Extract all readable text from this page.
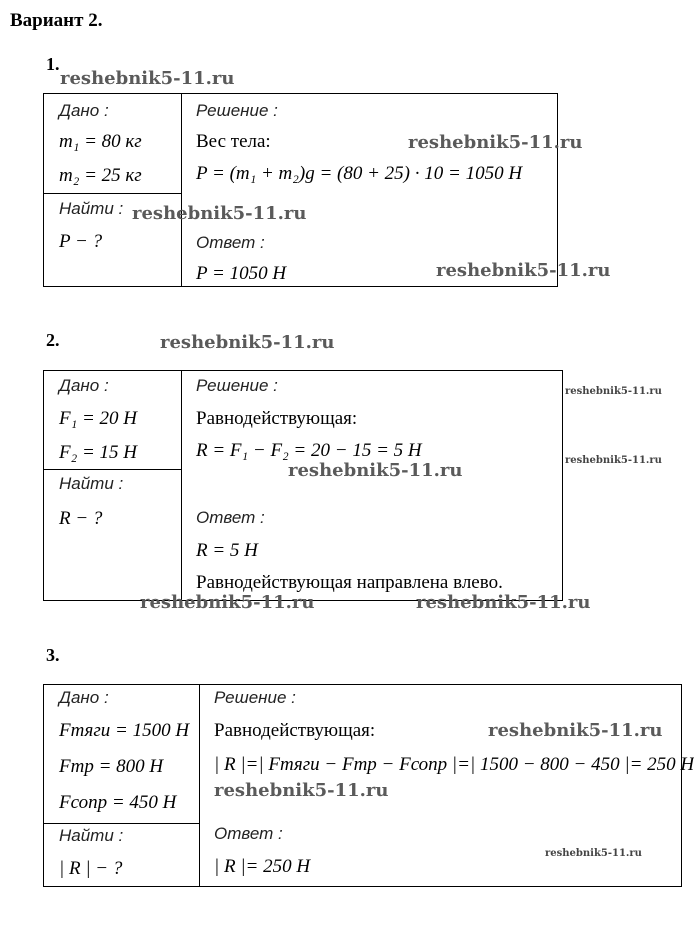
Вариант 2.
1.
Дано :
m₁ = 80 кг
m₂ = 25 кг
Найти :
P − ?
Решение :
Вес тела:
P = (m₁ + m₂)g = (80 + 25) · 10 = 1050 Н
Ответ :
P = 1050 Н
2.
Дано :
F₁ = 20 Н
F₂ = 15 Н
Найти :
R − ?
Решение :
Равнодействующая:
R = F₁ − F₂ = 20 − 15 = 5 Н
Ответ :
R = 5 Н
Равнодействующая направлена влево.
3.
Дано :
Fтяги = 1500 Н
Fтр = 800 Н
Fсопр = 450 Н
Найти :
| R | − ?
Решение :
Равнодействующая:
| R |=| Fтяги − Fтр − Fсопр |=| 1500 − 800 − 450 |= 250 Н
Ответ :
| R |= 250 Н
reshebnik5-11.ru
reshebnik5-11.ru
reshebnik5-11.ru
reshebnik5-11.ru
reshebnik5-11.ru
reshebnik5-11.ru
reshebnik5-11.ru
reshebnik5-11.ru
reshebnik5-11.ru	reshebnik5-11.ru
reshebnik5-11.ru
reshebnik5-11.ru
reshebnik5-11.ru
